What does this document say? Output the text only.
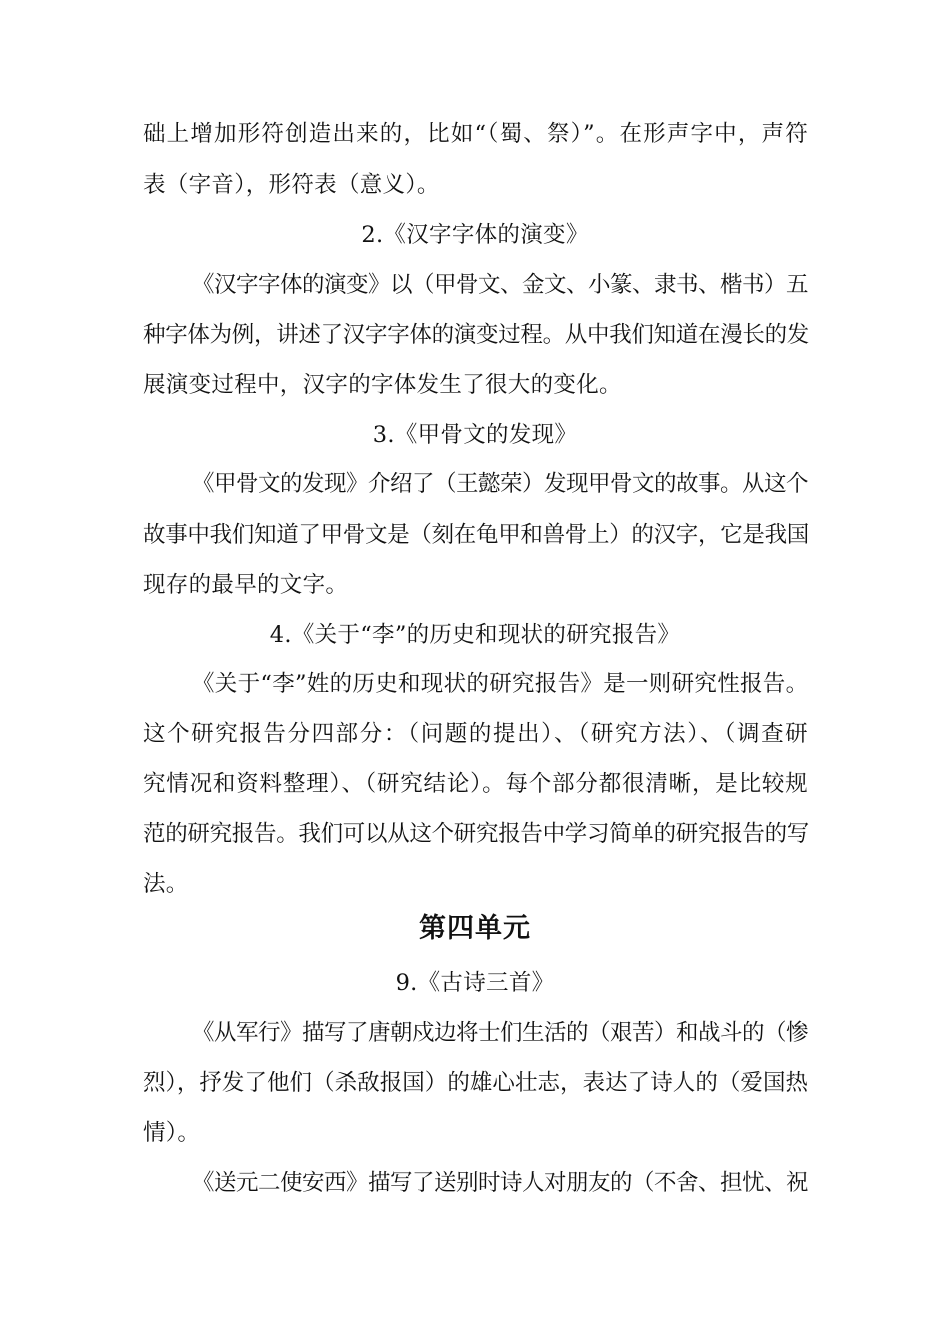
础上增加形符创造出来的，比如“（蜀、祭）”。在形声字中，声符
表（字音），形符表（意义）。
2.《汉字字体的演变》
《汉字字体的演变》以（甲骨文、金文、小篆、隶书、楷书）五
种字体为例，讲述了汉字字体的演变过程。从中我们知道在漫长的发
展演变过程中，汉字的字体发生了很大的变化。
3.《甲骨文的发现》
《甲骨文的发现》介绍了（王懿荣）发现甲骨文的故事。从这个
故事中我们知道了甲骨文是（刻在龟甲和兽骨上）的汉字，它是我国
现存的最早的文字。
4.《关于“李”的历史和现状的研究报告》
《关于“李”姓的历史和现状的研究报告》是一则研究性报告。
这个研究报告分四部分：（问题的提出）、（研究方法）、（调查研
究情况和资料整理）、（研究结论）。每个部分都很清晰，是比较规
范的研究报告。我们可以从这个研究报告中学习简单的研究报告的写
法。
第四单元
9.《古诗三首》
《从军行》描写了唐朝戍边将士们生活的（艰苦）和战斗的（惨
烈），抒发了他们（杀敌报国）的雄心壮志，表达了诗人的（爱国热
情）。
《送元二使安西》描写了送别时诗人对朋友的（不舍、担忧、祝
